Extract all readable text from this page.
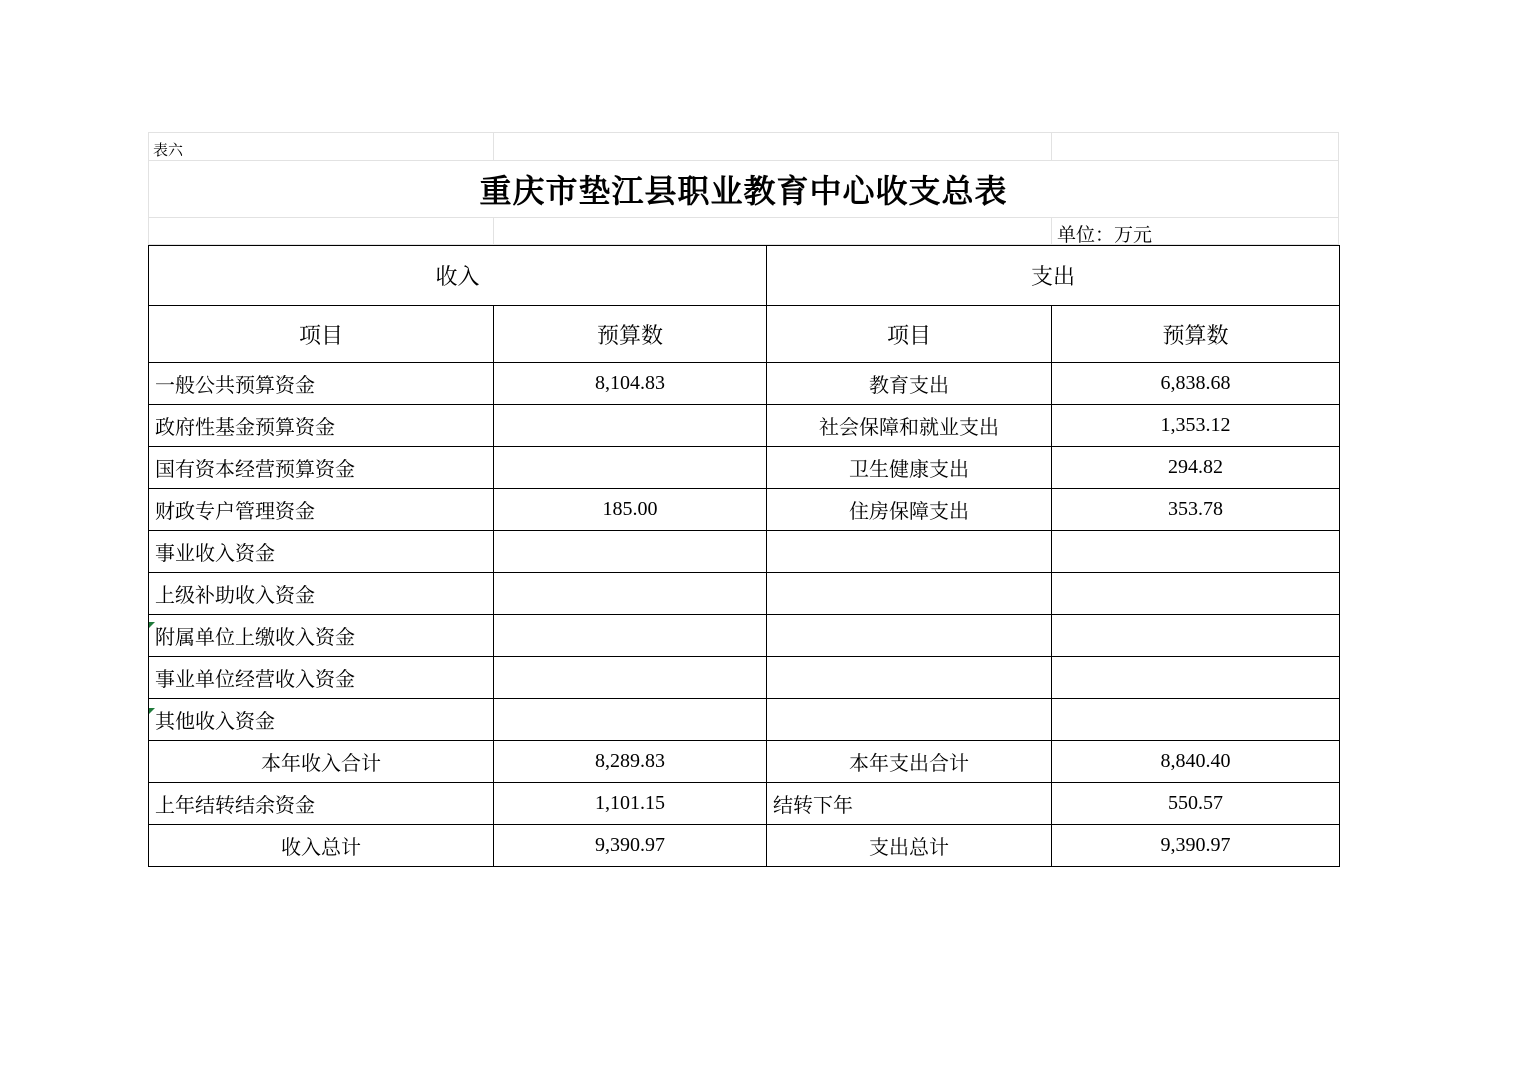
表六
重庆市垫江县职业教育中心收支总表
单位：万元
收入		支出	
项目	预算数	项目	预算数
一般公共预算资金	8,104.83	教育支出	6,838.68
政府性基金预算资金		社会保障和就业支出	1,353.12
国有资本经营预算资金		卫生健康支出	294.82
财政专户管理资金	185.00	住房保障支出	353.78
事业收入资金			
上级补助收入资金			
附属单位上缴收入资金			
事业单位经营收入资金			
其他收入资金			
本年收入合计	8,289.83	本年支出合计	8,840.40
上年结转结余资金	1,101.15	结转下年	550.57
收入总计	9,390.97	支出总计	9,390.97
